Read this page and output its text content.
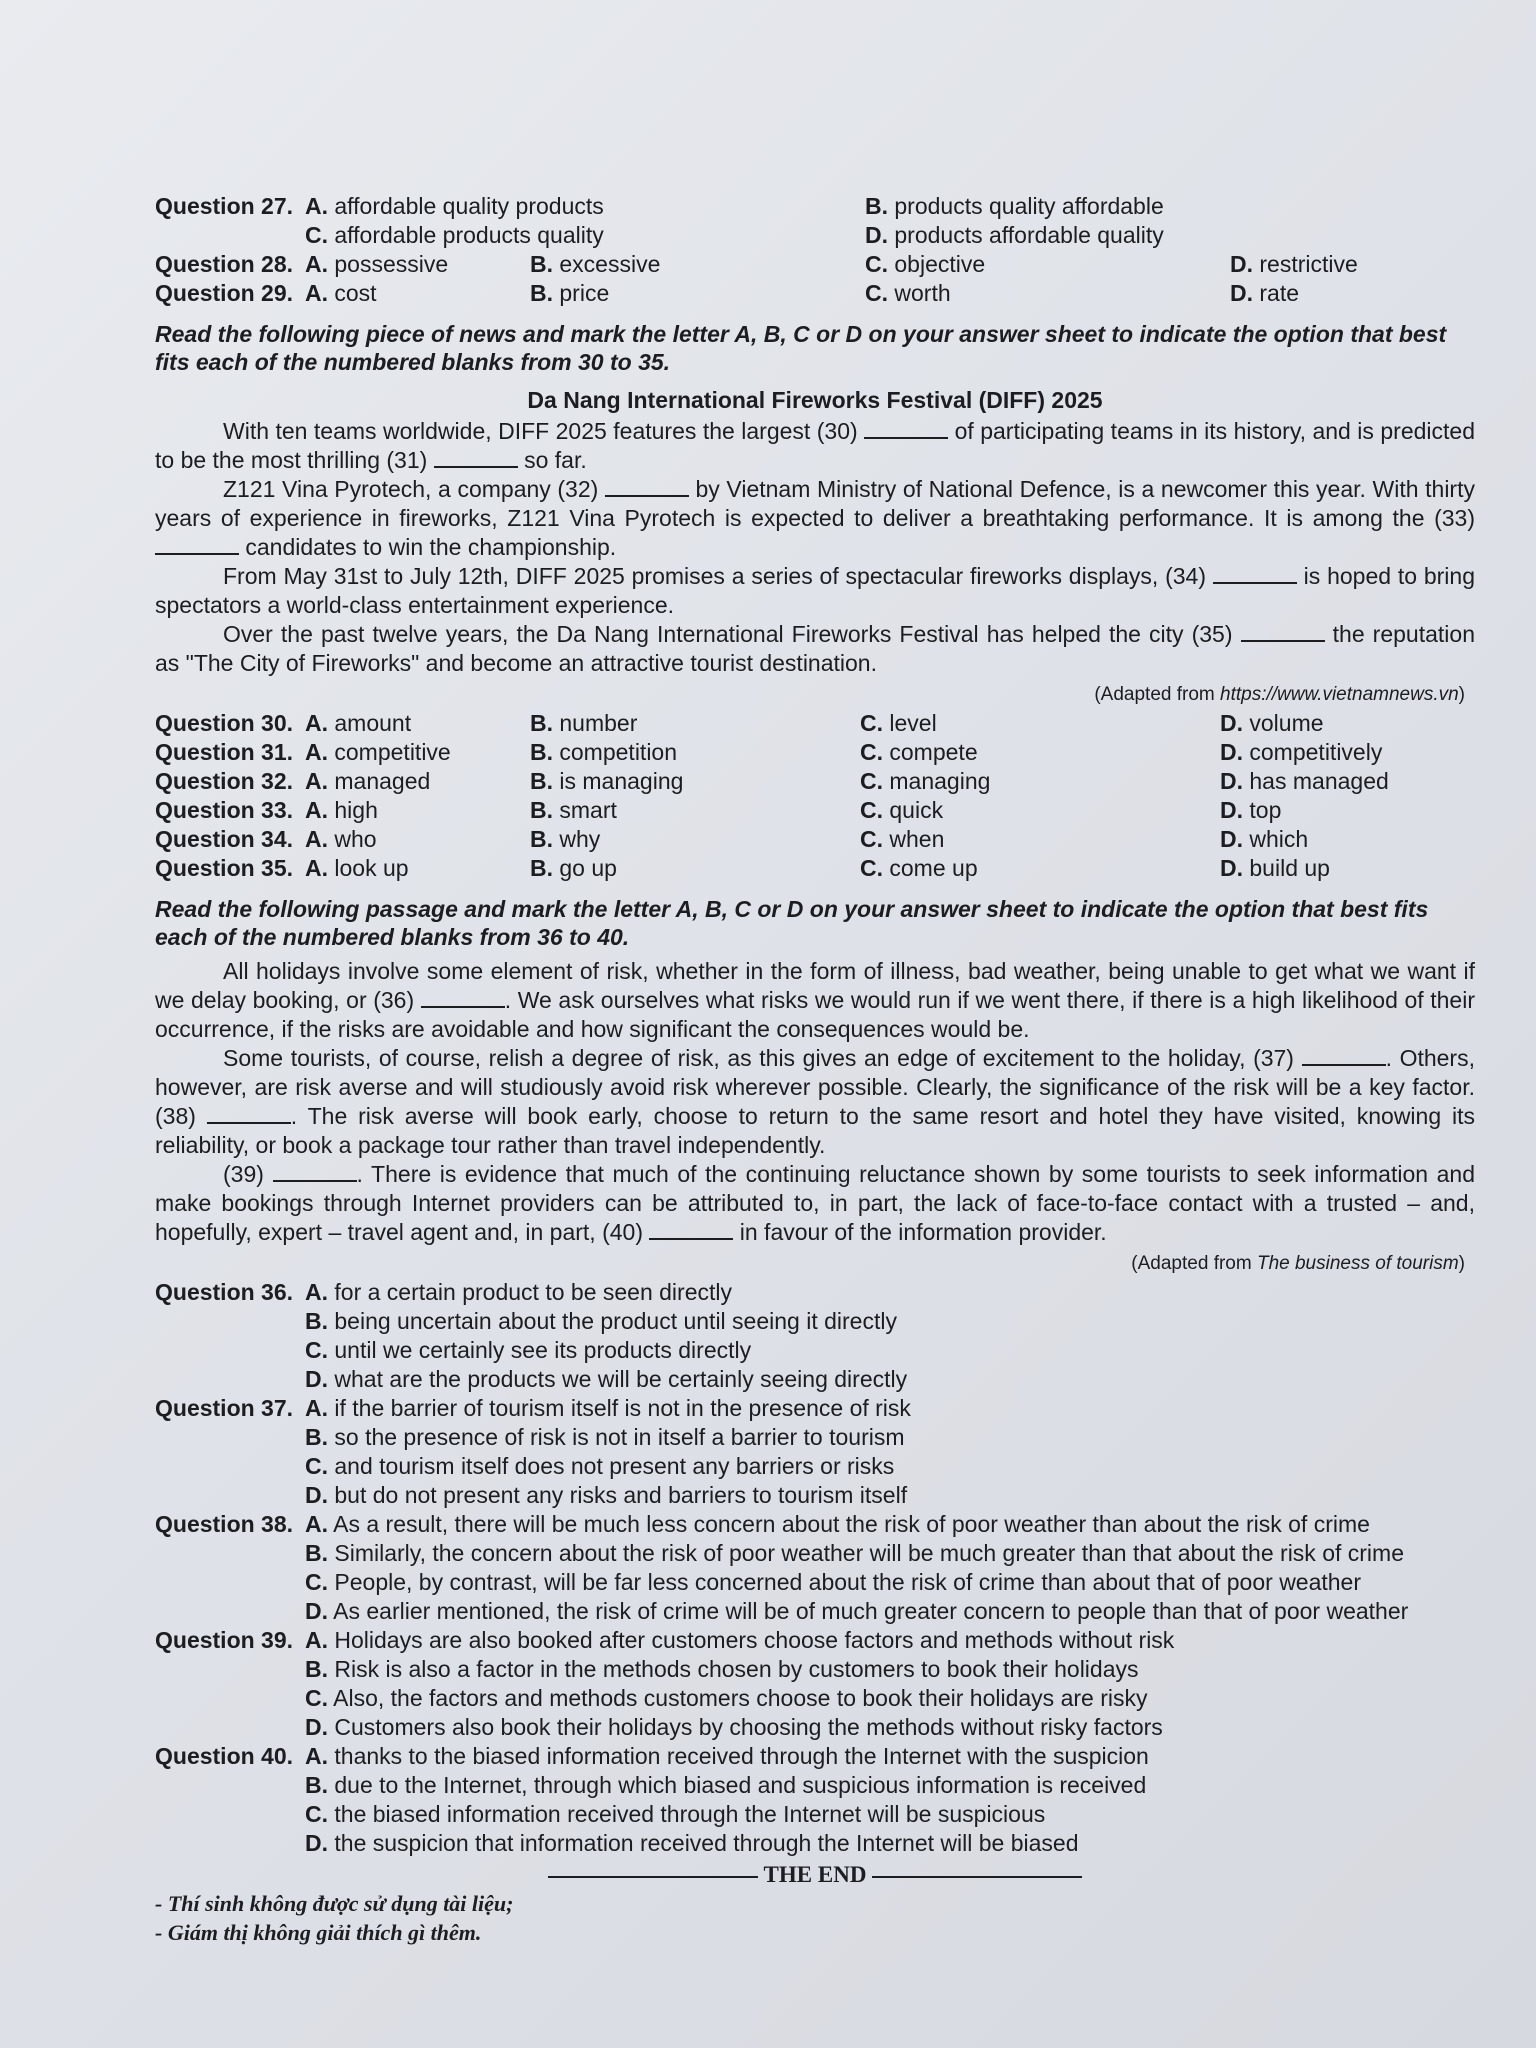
Question 27. A. affordable quality products	B. products quality affordable
C. affordable products quality	D. products affordable quality
Question 28. A. possessive	B. excessive	C. objective	D. restrictive
Question 29. A. cost	B. price	C. worth	D. rate
Read the following piece of news and mark the letter A, B, C or D on your answer sheet to indicate the option that best fits each of the numbered blanks from 30 to 35.
Da Nang International Fireworks Festival (DIFF) 2025

With ten teams worldwide, DIFF 2025 features the largest (30)	of participating teams in its history, and is predicted to be the most thrilling (31)	so far.

Z121 Vina Pyrotech, a company (32)	by Vietnam Ministry of National Defence, is a newcomer this year. With thirty years of experience in fireworks, Z121 Vina Pyrotech is expected to deliver a breathtaking performance. It is among the (33)  candidates to win the championship.

From May 31st to July 12th, DIFF 2025 promises a series of spectacular fireworks displays, (34)	is hoped to bring spectators a world-class entertainment experience.

Over the past twelve years, the Da Nang International Fireworks Festival has helped the city (35)	the reputation as "The City of Fireworks" and become an attractive tourist destination.

(Adapted from https://www.vietnamnews.vn)
Question 30. A. amount	B. number	C. level	D. volume
Question 31. A. competitive	B. competition	C. compete	D. competitively
Question 32. A. managed	B. is managing	C. managing	D. has managed
Question 33. A. high	B. smart	C. quick	D. top
Question 34. A. who	B. why	C. when	D. which
Question 35. A. look up	B. go up	C. come up	D. build up
Read the following passage and mark the letter A, B, C or D on your answer sheet to indicate the option that best fits each of the numbered blanks from 36 to 40.

All holidays involve some element of risk, whether in the form of illness, bad weather, being unable to get what we want if we delay booking, or (36)	. We ask ourselves what risks we would run if we went there, if there is a high likelihood of their occurrence, if the risks are avoidable and how significant the consequences would be.

Some tourists, of course, relish a degree of risk, as this gives an edge of excitement to the holiday, (37)	. Others, however, are risk averse and will studiously avoid risk wherever possible. Clearly, the significance of the risk will be a key factor. (38)	. The risk averse will book early, choose to return to the same resort and hotel they have visited, knowing its reliability, or book a package tour rather than travel independently.

(39)	. There is evidence that much of the continuing reluctance shown by some tourists to seek information and make bookings through Internet providers can be attributed to, in part, the lack of face-to-face contact with a trusted – and, hopefully, expert – travel agent and, in part, (40)	in favour of the information provider.

(Adapted from The business of tourism)
Question 36. A. for a certain product to be seen directly
B. being uncertain about the product until seeing it directly
C. until we certainly see its products directly
D. what are the products we will be certainly seeing directly
Question 37. A. if the barrier of tourism itself is not in the presence of risk
B. so the presence of risk is not in itself a barrier to tourism
C. and tourism itself does not present any barriers or risks
D. but do not present any risks and barriers to tourism itself
Question 38. A. As a result, there will be much less concern about the risk of poor weather than about the risk of crime
B. Similarly, the concern about the risk of poor weather will be much greater than that about the risk of crime
C. People, by contrast, will be far less concerned about the risk of crime than about that of poor weather
D. As earlier mentioned, the risk of crime will be of much greater concern to people than that of poor weather
Question 39. A. Holidays are also booked after customers choose factors and methods without risk
B. Risk is also a factor in the methods chosen by customers to book their holidays
C. Also, the factors and methods customers choose to book their holidays are risky
D. Customers also book their holidays by choosing the methods without risky factors
Question 40. A. thanks to the biased information received through the Internet with the suspicion
B. due to the Internet, through which biased and suspicious information is received
C. the biased information received through the Internet will be suspicious
D. the suspicion that information received through the Internet will be biased
THE END
- Thí sinh không được sử dụng tài liệu;
- Giám thị không giải thích gì thêm.
